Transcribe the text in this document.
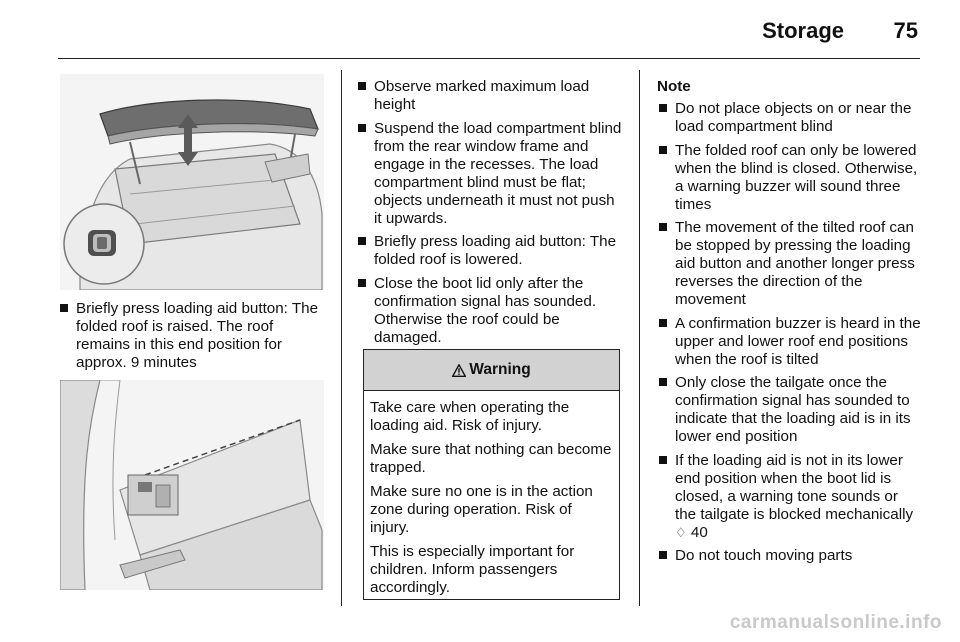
Storage 75
Briefly press loading aid button: The folded roof is raised. The roof remains in this end position for approx. 9 minutes
Observe marked maximum load height
Suspend the load compartment blind from the rear window frame and engage in the recesses. The load compartment blind must be flat; objects underneath it must not push it upwards.
Briefly press loading aid button: The folded roof is lowered.
Close the boot lid only after the confirmation signal has sounded. Otherwise the roof could be damaged.
Warning

Take care when operating the loading aid. Risk of injury.

Make sure that nothing can become trapped.

Make sure no one is in the action zone during operation. Risk of injury.

This is especially important for children. Inform passengers accordingly.

Note
Do not place objects on or near the load compartment blind
The folded roof can only be lowered when the blind is closed. Otherwise, a warning buzzer will sound three times
The movement of the tilted roof can be stopped by pressing the loading aid button and another longer press reverses the direction of the movement
A confirmation buzzer is heard in the upper and lower roof end positions when the roof is tilted
Only close the tailgate once the confirmation signal has sounded to indicate that the loading aid is in its lower end position
If the loading aid is not in its lower end position when the boot lid is closed, a warning tone sounds or the tailgate is blocked mechanically
♢ 40
Do not touch moving parts
carmanualsonline.info
